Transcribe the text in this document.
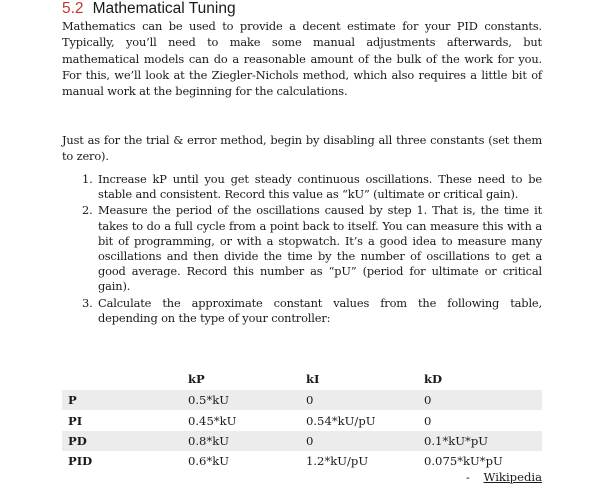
5.2 Mathematical Tuning

Mathematics can be used to provide a decent estimate for your PID constants. Typically, you’ll need to make some manual adjustments afterwards, but mathematical models can do a reasonable amount of the bulk of the work for you. For this, we’ll look at the Ziegler-Nichols method, which also requires a little bit of manual work at the beginning for the calculations.

Just as for the trial & error method, begin by disabling all three constants (set them to zero).

1. Increase kP until you get steady continuous oscillations. These need to be stable and consistent. Record this value as “kU” (ultimate or critical gain).
2. Measure the period of the oscillations caused by step 1. That is, the time it takes to do a full cycle from a point back to itself. You can measure this with a bit of programming, or with a stopwatch. It’s a good idea to measure many oscillations and then divide the time by the number of oscillations to get a good average. Record this number as “pU” (period for ultimate or critical gain).
3. Calculate the approximate constant values from the following table, depending on the type of your controller:
	kP	kI	kD
P	0.5*kU	0	0
PI	0.45*kU	0.54*kU/pU	0
PD	0.8*kU	0	0.1*kU*pU
PID	0.6*kU	1.2*kU/pU	0.075*kU*pU
- Wikipedia
